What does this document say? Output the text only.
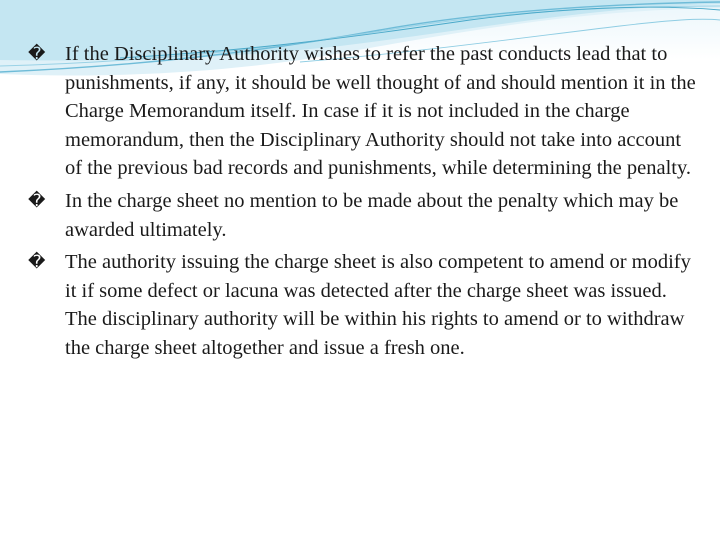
� If the Disciplinary Authority wishes to refer the past conducts lead that to punishments, if any, it should be well thought of and should mention it in the Charge Memorandum itself. In case if it is not included in the charge memorandum, then the Disciplinary Authority should not take into account of the previous bad records and punishments, while determining the penalty.
� In the charge sheet no mention to be made about the penalty which may be awarded ultimately.
� The authority issuing the charge sheet is also competent to amend or modify it if some defect or lacuna was detected after the charge sheet was issued. The disciplinary authority will be within his rights to amend or to withdraw the charge sheet altogether and issue a fresh one.
